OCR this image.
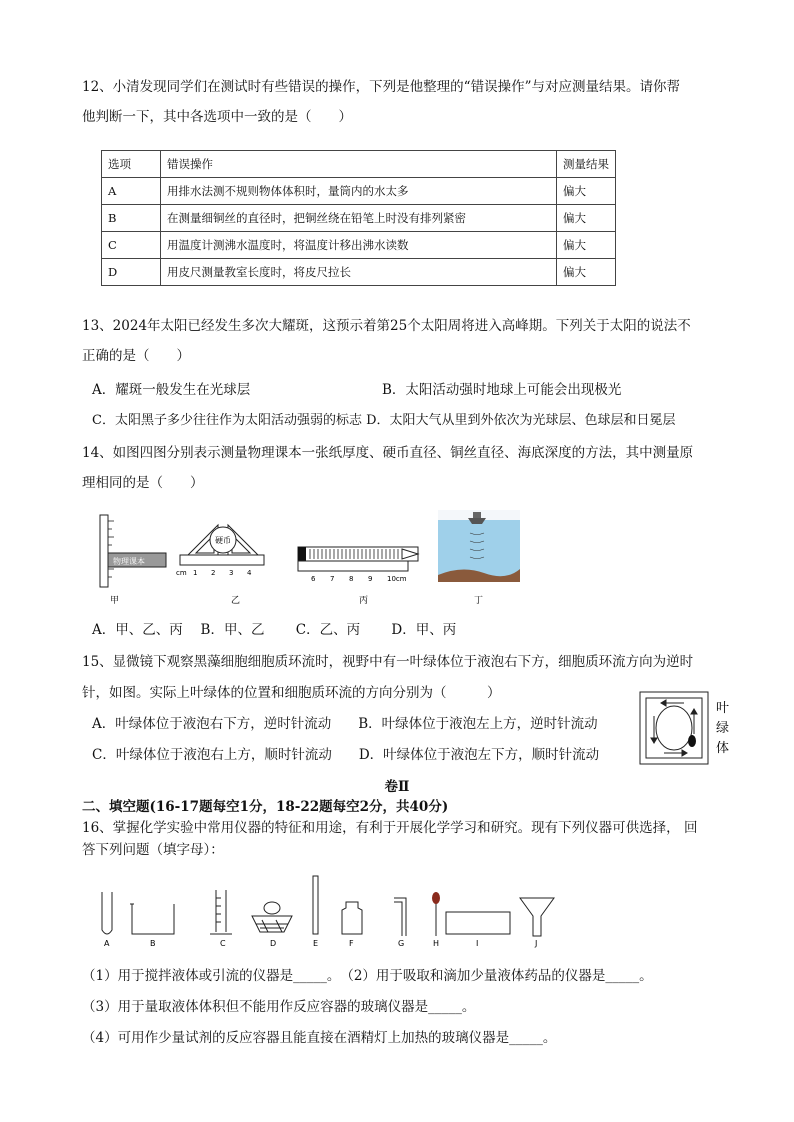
12、小清发现同学们在测试时有些错误的操作，下列是他整理的“错误操作”与对应测量结果。请你帮
他判断一下，其中各选项中一致的是（　　）
选项	错误操作	测量结果
A	用排水法测不规则物体体积时，量筒内的水太多	偏大
B	在测量细铜丝的直径时，把铜丝绕在铅笔上时没有排列紧密	偏大
C	用温度计测沸水温度时，将温度计移出沸水读数	偏大
D	用皮尺测量教室长度时，将皮尺拉长	偏大
13、2024年太阳已经发生多次大耀斑，这预示着第25个太阳周将进入高峰期。下列关于太阳的说法不
正确的是（　　）
A．耀斑一般发生在光球层	B．太阳活动强时地球上可能会出现极光
C．太阳黑子多少往往作为太阳活动强弱的标志 D．太阳大气从里到外依次为光球层、色球层和日冕层
14、如图四图分别表示测量物理课本一张纸厚度、硬币直径、铜丝直径、海底深度的方法，其中测量原
理相同的是（　　）
物理课本
甲
硬币
cm 1 2 3 4
乙
6 7 8 9 10cm
丙	丁
A．甲、乙、丙　 B．甲、乙　　 C．乙、丙　　 D．甲、丙
15、显微镜下观察黑藻细胞细胞质环流时，视野中有一叶绿体位于液泡右下方，细胞质环流方向为逆时
针，如图。实际上叶绿体的位置和细胞质环流的方向分别为（　　　）
A．叶绿体位于液泡右下方，逆时针流动　　B．叶绿体位于液泡左上方，逆时针流动
C．叶绿体位于液泡右上方，顺时针流动　　D．叶绿体位于液泡左下方，顺时针流动
叶
绿
体
卷Ⅱ
二、填空题(16-17题每空1分，18-22题每空2分，共40分)
16、掌握化学实验中常用仪器的特征和用途，有利于开展化学学习和研究。现有下列仪器可供选择， 回
答下列问题（填字母）：
A	B	C	D	E	F	G	H	I	J
（1）用于搅拌液体或引流的仪器是_____。　（2）用于吸取和滴加少量液体药品的仪器是_____。
（3）用于量取液体体积但不能用作反应容器的玻璃仪器是_____。
（4）可用作少量试剂的反应容器且能直接在酒精灯上加热的玻璃仪器是_____。
